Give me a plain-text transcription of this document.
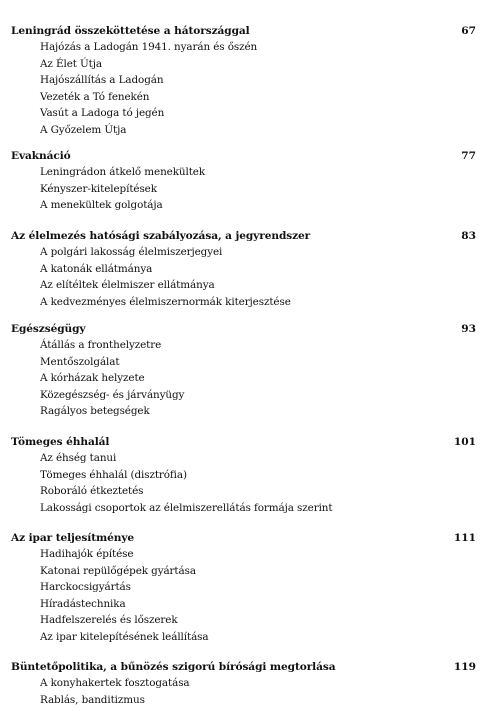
Leningrád összeköttetése a hátországgal	67
Hajózás a Ladogán 1941. nyarán és őszén
Az Élet Útja
Hajószállítás a Ladogán
Vezeték a Tó fenekén
Vasút a Ladoga tó jegén
A Győzelem Útja
Evaknáció	77
Leningrádon átkelő menekültek
Kényszer-kitelepítések
A menekültek golgotája
Az élelmezés hatósági szabályozása, a jegyrendszer	83
A polgári lakosság élelmiszerjegyei
A katonák ellátmánya
Az elítéltek élelmiszer ellátmánya
A kedvezményes élelmiszernormák kiterjesztése
Egészségügy	93
Átállás a fronthelyzetre
Mentőszolgálat
A kórházak helyzete
Közegészség- és járványügy
Ragályos betegségek
Tömeges éhhalál	101
Az éhség tanui
Tömeges éhhalál (disztrófia)
Roboráló étkeztetés
Lakossági csoportok az élelmiszerellátás formája szerint
Az ipar teljesítménye	111
Hadihajók építése
Katonai repülőgépek gyártása
Harckocsigyártás
Híradástechnika
Hadfelszerelés és lőszerek
Az ipar kitelepítésének leállítása
Büntetőpolitika, a bűnözés szigorú bírósági megtorlása	119
A konyhakertek fosztogatása
Rablás, banditizmus
